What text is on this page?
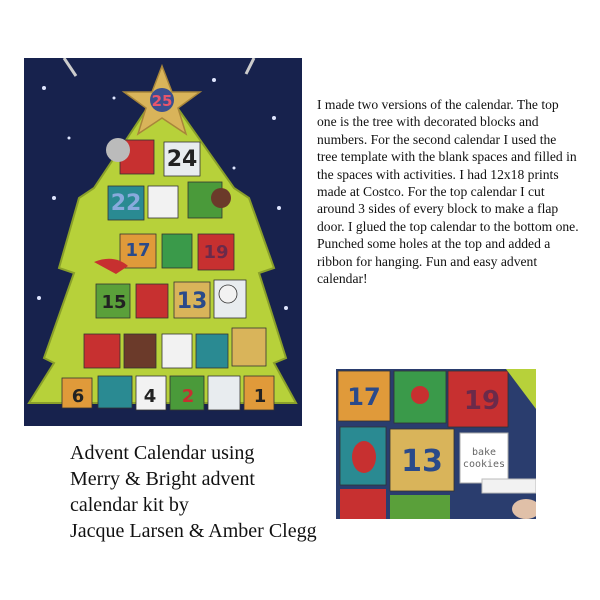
25
24
22
17	19
15 13
6	4 2	1

I made two versions of the calendar. The top one is the tree with decorated blocks and numbers. For the second calendar I used the tree template with the blank spaces and filled in the spaces with activities. I had 12x18 prints made at Costco. For the top calendar I cut around 3 sides of every block to make a flap door. I glued the top calendar to the bottom one. Punched some holes at the top and added a ribbon for hanging. Fun and easy advent calendar!

bake
cookies
17	19
13
Advent Calendar using
Merry & Bright advent
calendar kit by
Jacque Larsen & Amber Clegg
